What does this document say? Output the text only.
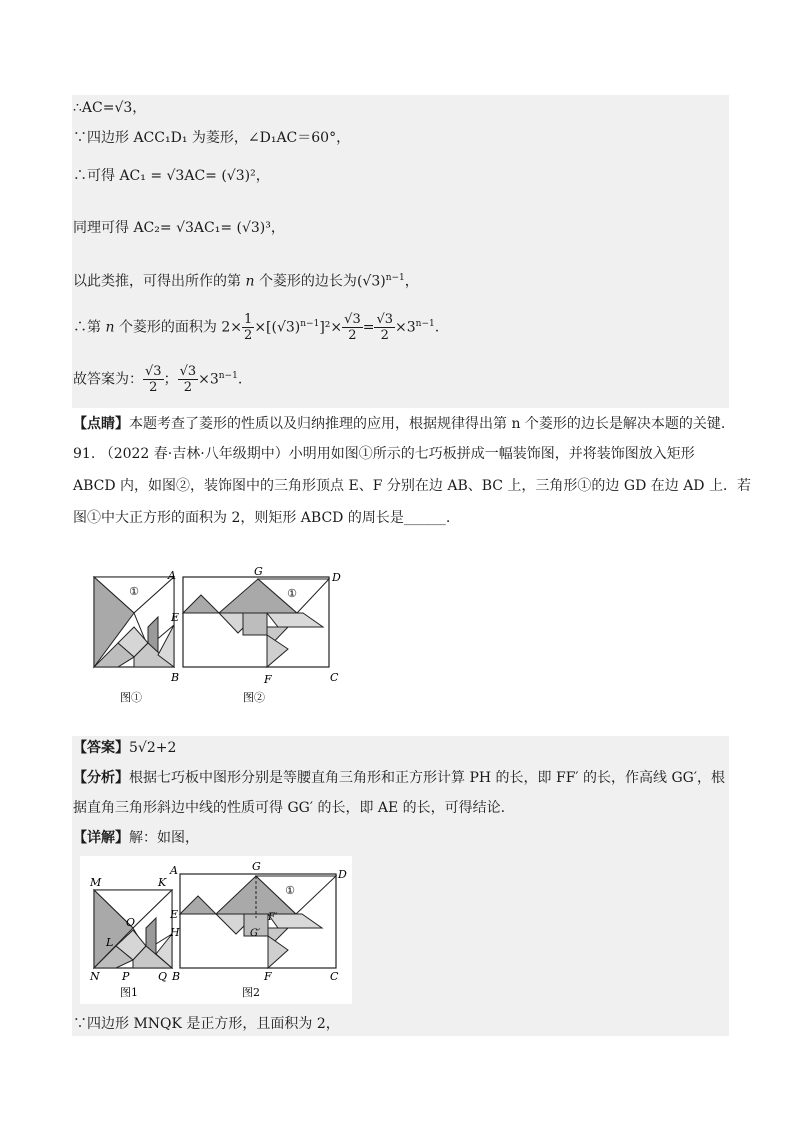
∴AC=√3，
∵四边形 ACC₁D₁ 为菱形，∠D₁AC＝60°，
∴可得 AC₁ = √3AC= (√3)²，
同理可得 AC₂= √3AC₁= (√3)³，
以此类推，可得出所作的第 n 个菱形的边长为$(√3)^{n-1}$，
∴第 n 个菱形的面积为 $2\times \frac{1}{2} \times[(√3)^{n-1}]^2\times \frac{√3}{2} = \frac{√3}{2} \times 3^{n-1}$.
故答案为： $\frac{√3}{2}$ ； $\frac{√3}{2} \times 3^{n-1}$.
【点睛】本题考查了菱形的性质以及归纳推理的应用，根据规律得出第 n 个菱形的边长是解决本题的关键.
91. （2022 春·吉林·八年级期中）小明用如图①所示的七巧板拼成一幅装饰图，并将装饰图放入矩形
ABCD 内，如图②，装饰图中的三角形顶点 E、F 分别在边 AB、BC 上，三角形①的边 GD 在边 AD 上．若
图①中大正方形的面积为 2，则矩形 ABCD 的周长是______.
①	①
A	G	D
E
B	F	C
图①	图②
【答案】5√2+2
【分析】根据七巧板中图形分别是等腰直角三角形和正方形计算 PH 的长，即 FF′ 的长，作高线 GG′，根
据直角三角形斜边中线的性质可得 GG′ 的长，即 AE 的长，可得结论.
【详解】解：如图，
M	K
A	G
D
O
E
H
F′
G′
L
N P	Q B	F	C
①
图1	图2
∵四边形 MNQK 是正方形，且面积为 2，
